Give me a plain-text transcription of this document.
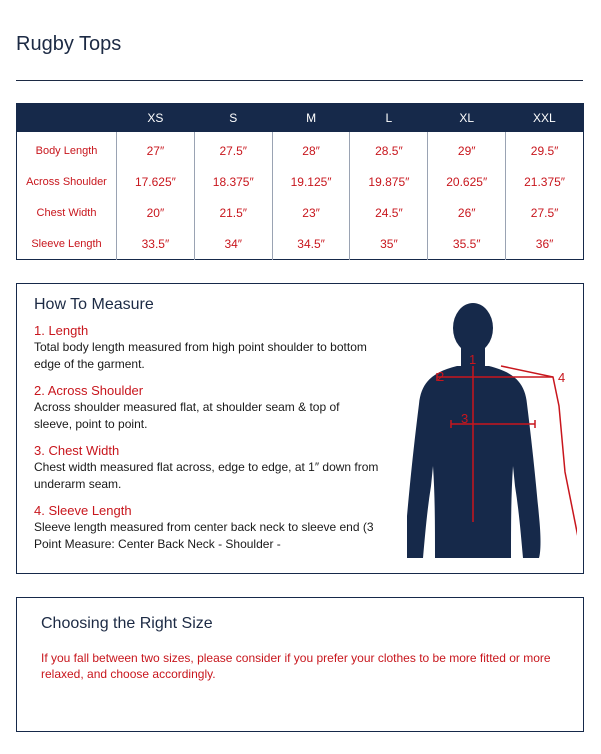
Rugby Tops
	XS	S	M	L	XL	XXL
Body Length	27″	27.5″	28″	28.5″	29″	29.5″
Across Shoulder	17.625″	18.375″	19.125″	19.875″	20.625″	21.375″
Chest Width	20″	21.5″	23″	24.5″	26″	27.5″
Sleeve Length	33.5″	34″	34.5″	35″	35.5″	36″
How To Measure
1. Length
Total body length measured from high point shoulder to bottom edge of the garment.
2. Across Shoulder
Across shoulder measured flat, at shoulder seam & top of sleeve, point to point.
3. Chest Width
Chest width measured flat across, edge to edge, at 1″ down from underarm seam.
4. Sleeve Length
Sleeve length measured from center back neck to sleeve end (3 Point Measure: Center Back Neck - Shoulder -
1
2
3
4
Choosing the Right Size
If you fall between two sizes, please consider if you prefer your clothes to be more fitted or more relaxed, and choose accordingly.
